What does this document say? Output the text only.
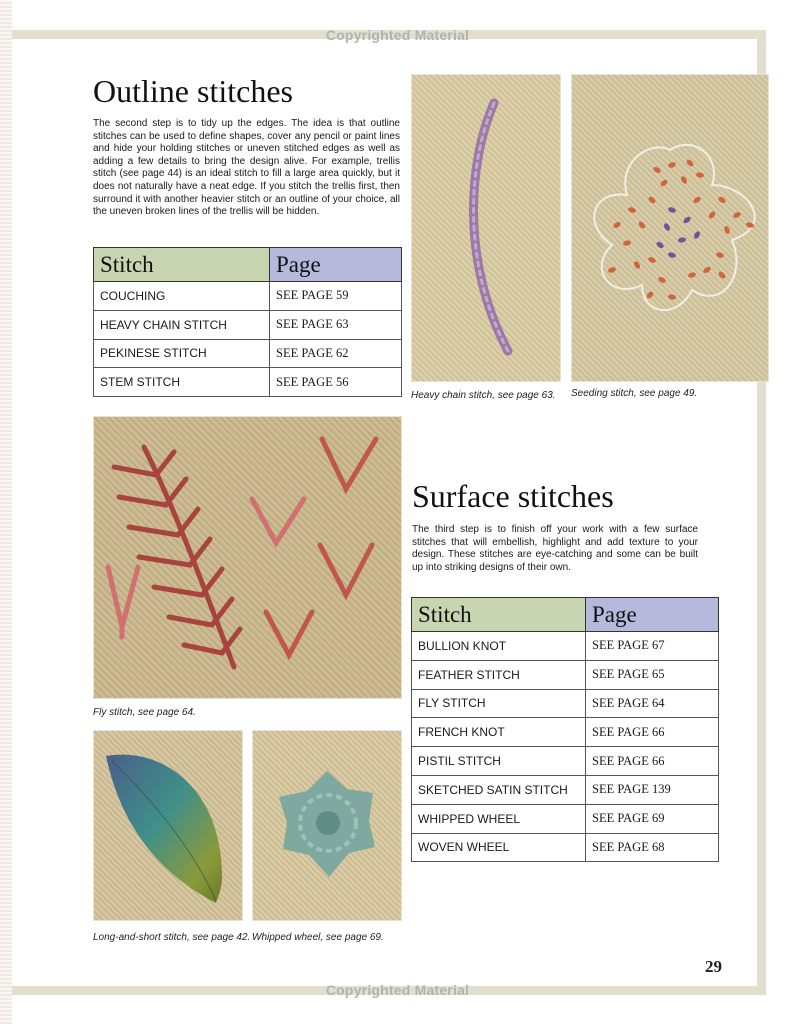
Copyrighted Material
Outline stitches

The second step is to tidy up the edges. The idea is that outline stitches can be used to define shapes, cover any pencil or paint lines and hide your holding stitches or uneven stitched edges as well as adding a few details to bring the design alive. For example, trellis stitch (see page 44) is an ideal stitch to fill a large area quickly, but it does not naturally have a neat edge. If you stitch the trellis first, then surround it with another heavier stitch or an outline of your choice, all the uneven broken lines of the trellis will be hidden.

Stitch	Page
COUCHING	SEE PAGE 59
HEAVY CHAIN STITCH	SEE PAGE 63
PEKINESE STITCH	SEE PAGE 62
STEM STITCH	SEE PAGE 56

Heavy chain stitch, see page 63. Seeding stitch, see page 49.

Fly stitch, see page 64.

Long-and-short stitch, see page 42. Whipped wheel, see page 69.

Surface stitches

The third step is to finish off your work with a few surface stitches that will embellish, highlight and add texture to your design. These stitches are eye-catching and some can be built up into striking designs of their own.

Stitch	Page
BULLION KNOT	SEE PAGE 67
FEATHER STITCH	SEE PAGE 65
FLY STITCH	SEE PAGE 64
FRENCH KNOT	SEE PAGE 66
PISTIL STITCH	SEE PAGE 66
SKETCHED SATIN STITCH	SEE PAGE 139
WHIPPED WHEEL	SEE PAGE 69
WOVEN WHEEL	SEE PAGE 68
29
Copyrighted Material
